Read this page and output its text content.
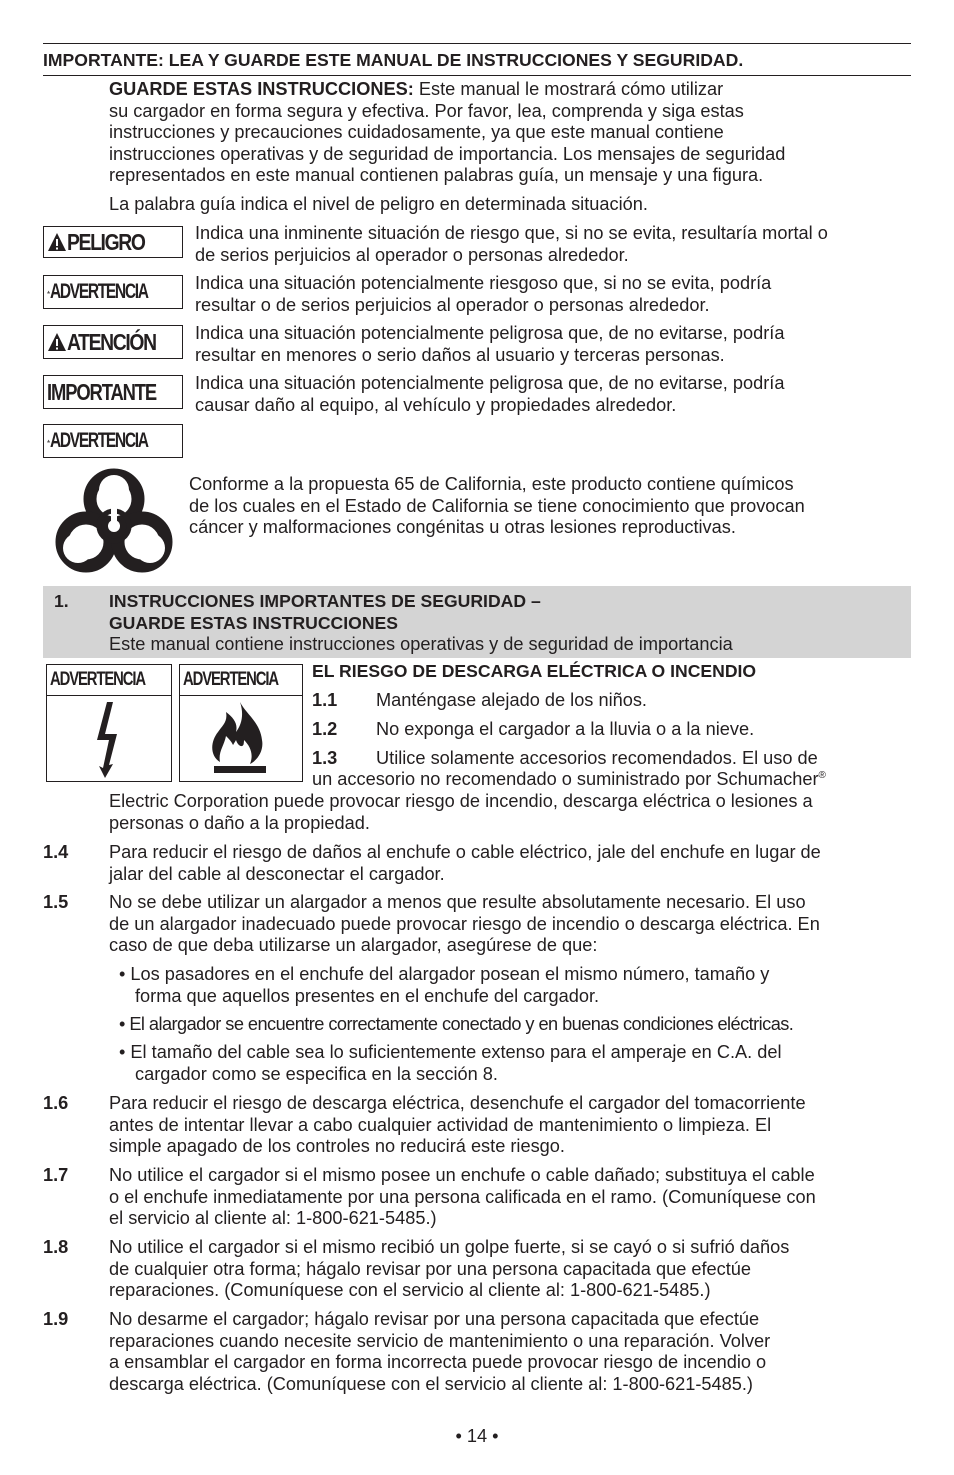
IMPORTANTE: LEA Y GUARDE ESTE MANUAL DE INSTRUCCIONES Y SEGURIDAD.
GUARDE ESTAS INSTRUCCIONES: Este manual le mostrará cómo utilizar
su cargador en forma segura y efectiva. Por favor, lea, comprenda y siga estas
instrucciones y precauciones cuidadosamente, ya que este manual contiene
instrucciones operativas y de seguridad de importancia. Los mensajes de seguridad
representados en este manual contienen palabras guía, un mensaje y una figura.
La palabra guía indica el nivel de peligro en determinada situación.
PELIGRO	Indica una inminente situación de riesgo que, si no se evita, resultaría mortal o
de serios perjuicios al operador o personas alrededor.
ADVERTENCIA	Indica una situación potencialmente riesgoso que, si no se evita, podría
resultar o de serios perjuicios al operador o personas alrededor.
ATENCIÓN Indica una situación potencialmente peligrosa que, de no evitarse, podría
resultar en menores o serio daños al usuario y terceras personas.
IMPORTANTE Indica una situación potencialmente peligrosa que, de no evitarse, podría
causar daño al equipo, al vehículo y propiedades alrededor.
ADVERTENCIA
Conforme a la propuesta 65 de California, este producto contiene químicos
de los cuales en el Estado de California se tiene conocimiento que provocan
cáncer y malformaciones congénitas u otras lesiones reproductivas.
1. INSTRUCCIONES IMPORTANTES DE SEGURIDAD –
GUARDE ESTAS INSTRUCCIONES
Este manual contiene instrucciones operativas y de seguridad de importancia
ADVERTENCIA ADVERTENCIA EL RIESGO DE DESCARGA ELÉCTRICA O INCENDIO
1.1 Manténgase alejado de los niños.
1.2 No exponga el cargador a la lluvia o a la nieve.
1.3 Utilice solamente accesorios recomendados. El uso de
un accesorio no recomendado o suministrado por Schumacher®
Electric Corporation puede provocar riesgo de incendio, descarga eléctrica o lesiones a
personas o daño a la propiedad.
1.4 Para reducir el riesgo de daños al enchufe o cable eléctrico, jale del enchufe en lugar de
jalar del cable al desconectar el cargador.
1.5 No se debe utilizar un alargador a menos que resulte absolutamente necesario. El uso
de un alargador inadecuado puede provocar riesgo de incendio o descarga eléctrica. En
caso de que deba utilizarse un alargador, asegúrese de que:
• Los pasadores en el enchufe del alargador posean el mismo número, tamaño y
forma que aquellos presentes en el enchufe del cargador.
• El alargador se encuentre correctamente conectado y en buenas condiciones eléctricas.
• El tamaño del cable sea lo suficientemente extenso para el amperaje en C.A. del
cargador como se especifica en la sección 8.
1.6 Para reducir el riesgo de descarga eléctrica, desenchufe el cargador del tomacorriente
antes de intentar llevar a cabo cualquier actividad de mantenimiento o limpieza. El
simple apagado de los controles no reducirá este riesgo.
1.7 No utilice el cargador si el mismo posee un enchufe o cable dañado; substituya el cable
o el enchufe inmediatamente por una persona calificada en el ramo. (Comuníquese con
el servicio al cliente al: 1-800-621-5485.)
1.8 No utilice el cargador si el mismo recibió un golpe fuerte, si se cayó o si sufrió daños
de cualquier otra forma; hágalo revisar por una persona capacitada que efectúe
reparaciones. (Comuníquese con el servicio al cliente al: 1-800-621-5485.)
1.9 No desarme el cargador; hágalo revisar por una persona capacitada que efectúe
reparaciones cuando necesite servicio de mantenimiento o una reparación. Volver
a ensamblar el cargador en forma incorrecta puede provocar riesgo de incendio o
descarga eléctrica. (Comuníquese con el servicio al cliente al: 1-800-621-5485.)
• 14 •
